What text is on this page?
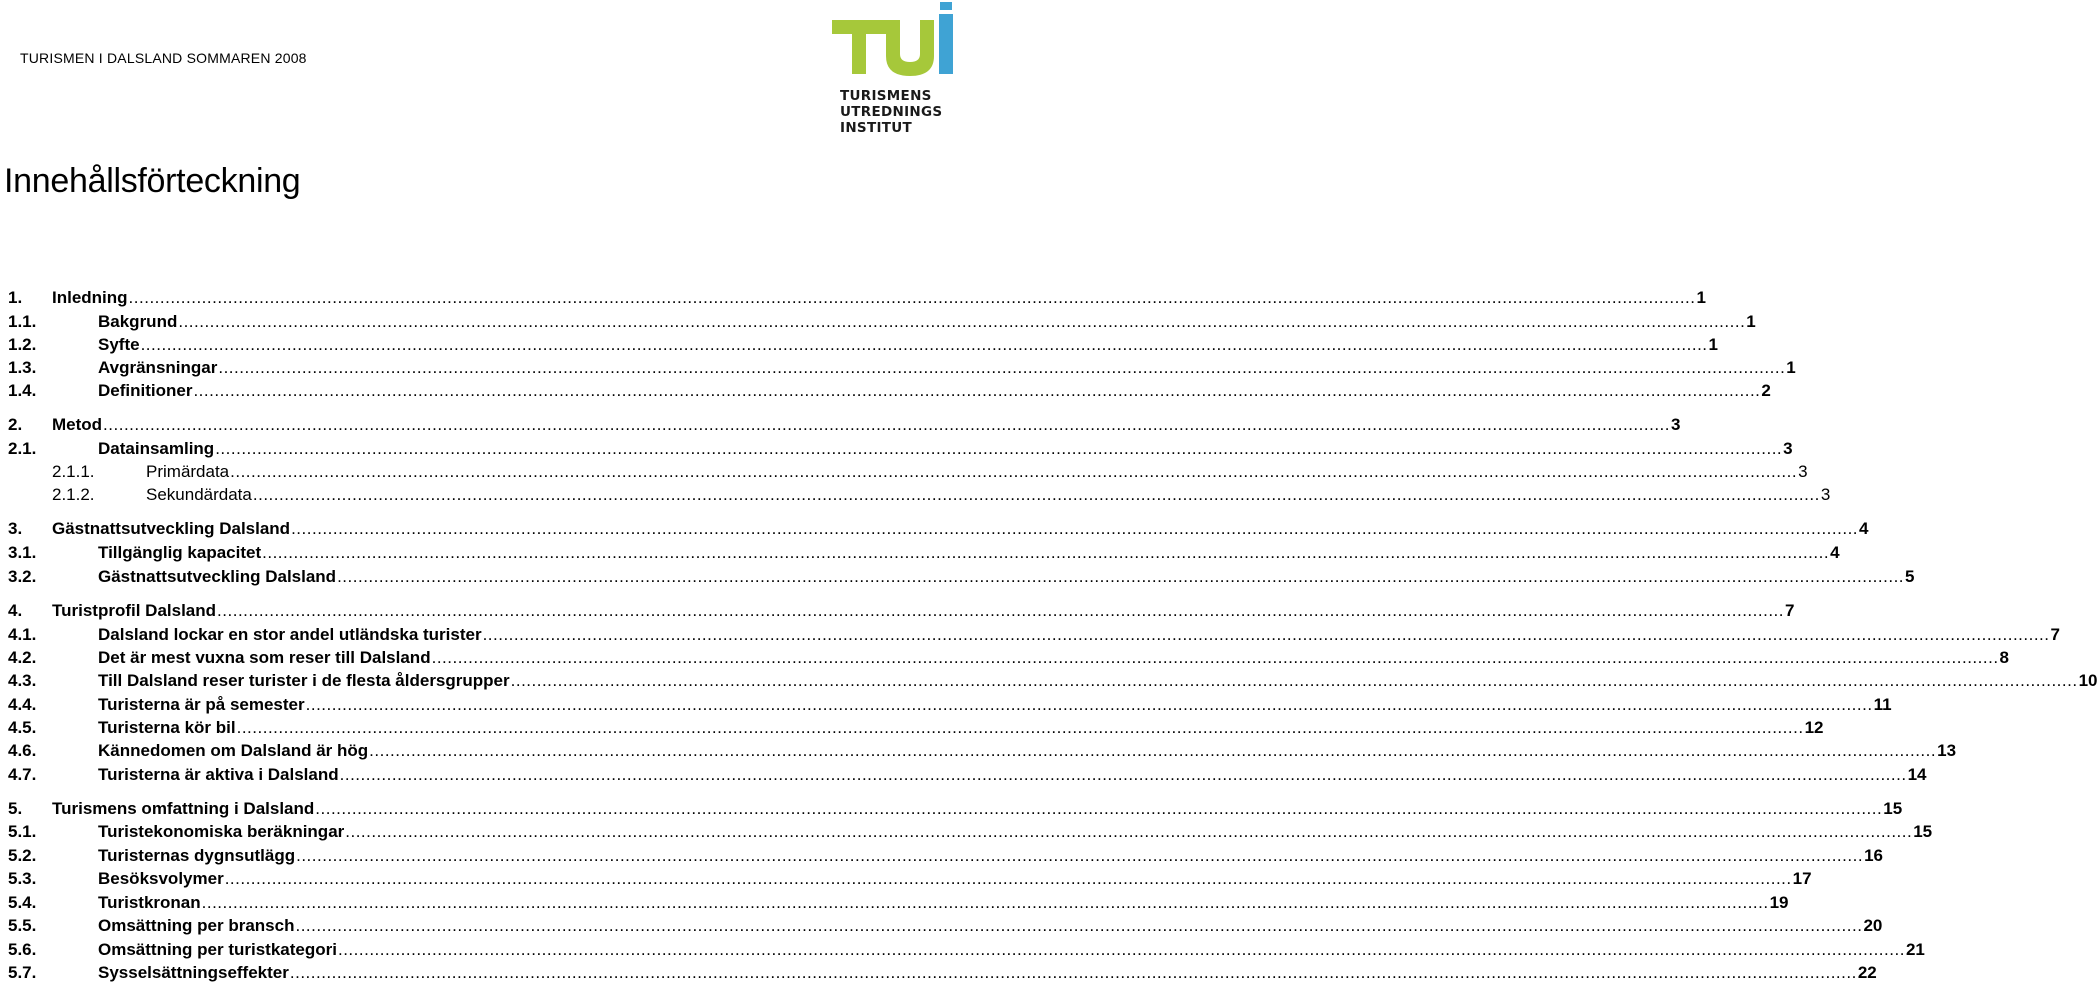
TURISMEN I DALSLAND SOMMAREN 2008
TURISMENS
UTREDNINGS
INSTITUT
Innehållsförteckning
1. Inledning ............................................................................................................................................................................................................................................................................................................ 1
1.1.	Bakgrund ............................................................................................................................................................................................................................................................................................................ 1
1.2.	Syfte ............................................................................................................................................................................................................................................................................................................ 1
1.3.	Avgränsningar ............................................................................................................................................................................................................................................................................................................ 1
1.4.	Definitioner ............................................................................................................................................................................................................................................................................................................ 2
2. Metod ............................................................................................................................................................................................................................................................................................................ 3
2.1.	Datainsamling ............................................................................................................................................................................................................................................................................................................ 3
2.1.1.	Primärdata ............................................................................................................................................................................................................................................................................................................ 3
2.1.2.	Sekundärdata ............................................................................................................................................................................................................................................................................................................ 3
3. Gästnattsutveckling Dalsland ............................................................................................................................................................................................................................................................................................................ 4
3.1.	Tillgänglig kapacitet ............................................................................................................................................................................................................................................................................................................ 4
3.2.	Gästnattsutveckling Dalsland ............................................................................................................................................................................................................................................................................................................ 5
4. Turistprofil Dalsland ............................................................................................................................................................................................................................................................................................................ 7
4.1.	Dalsland lockar en stor andel utländska turister ............................................................................................................................................................................................................................................................................................................ 7
4.2.	Det är mest vuxna som reser till Dalsland ............................................................................................................................................................................................................................................................................................................ 8
4.3.	Till Dalsland reser turister i de flesta åldersgrupper ............................................................................................................................................................................................................................................................................................................ 10
4.4.	Turisterna är på semester ............................................................................................................................................................................................................................................................................................................ 11
4.5.	Turisterna kör bil ............................................................................................................................................................................................................................................................................................................ 12
4.6.	Kännedomen om Dalsland är hög ............................................................................................................................................................................................................................................................................................................ 13
4.7.	Turisterna är aktiva i Dalsland ............................................................................................................................................................................................................................................................................................................ 14
5. Turismens omfattning i Dalsland ............................................................................................................................................................................................................................................................................................................ 15
5.1.	Turistekonomiska beräkningar ............................................................................................................................................................................................................................................................................................................ 15
5.2.	Turisternas dygnsutlägg ............................................................................................................................................................................................................................................................................................................ 16
5.3.	Besöksvolymer ............................................................................................................................................................................................................................................................................................................ 17
5.4.	Turistkronan ............................................................................................................................................................................................................................................................................................................ 19
5.5.	Omsättning per bransch ............................................................................................................................................................................................................................................................................................................ 20
5.6.	Omsättning per turistkategori ............................................................................................................................................................................................................................................................................................................ 21
5.7.	Sysselsättningseffekter ............................................................................................................................................................................................................................................................................................................ 22
